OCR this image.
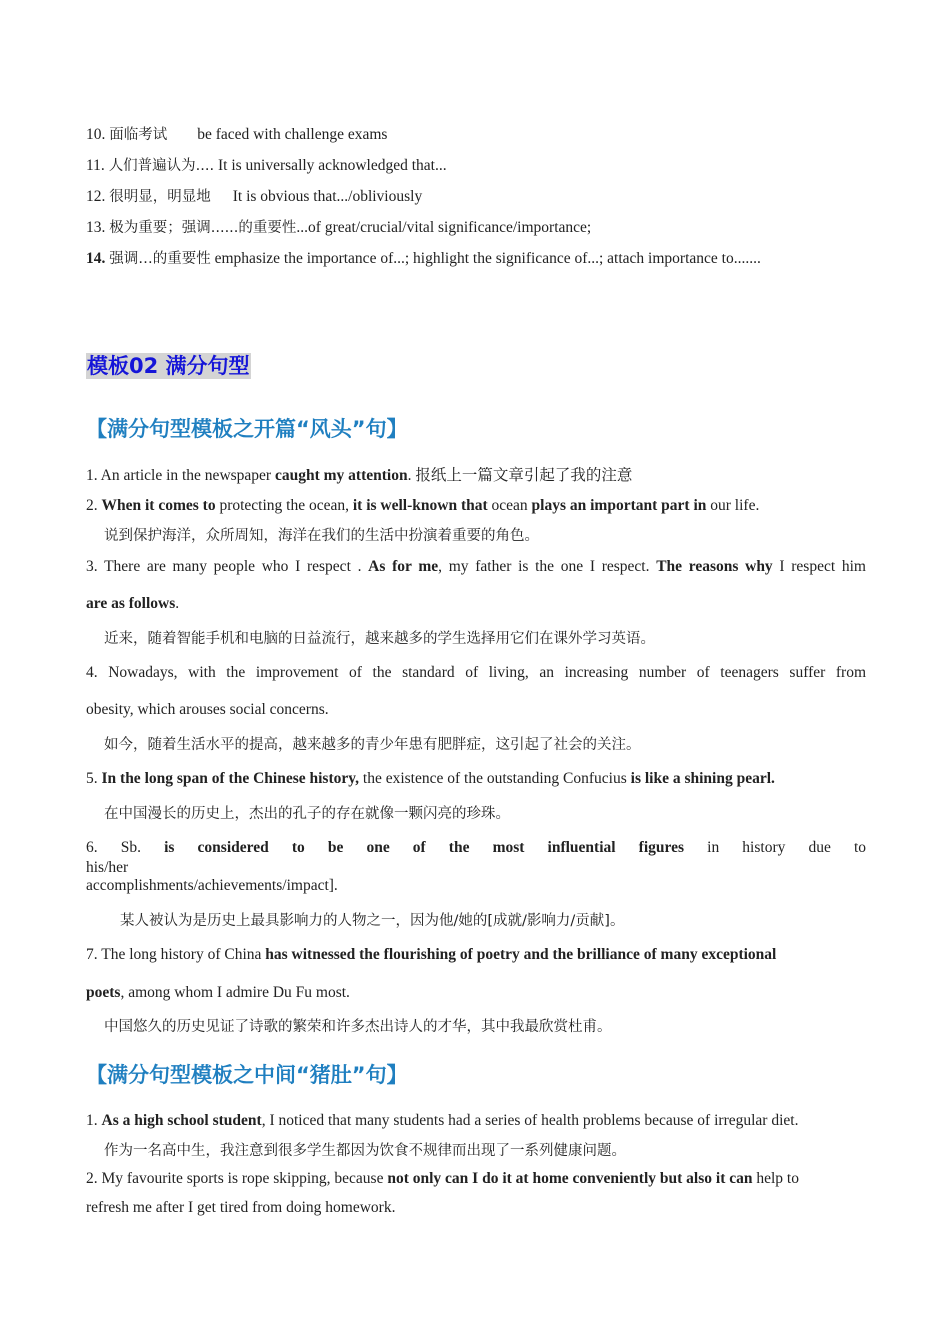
10. 面临考试 be faced with challenge exams
11. 人们普遍认为.... It is universally acknowledged that...
12. 很明显，明显地 It is obvious that.../obliviously
13. 极为重要；强调......的重要性...of great/crucial/vital significance/importance;
14. 强调…的重要性 emphasize the importance of...; highlight the significance of...; attach importance to.......
模板02 满分句型
【满分句型模板之开篇“风头”句】
1. An article in the newspaper caught my attention. 报纸上一篇文章引起了我的注意
2. When it comes to protecting the ocean, it is well-known that ocean plays an important part in our life.
说到保护海洋，众所周知，海洋在我们的生活中扮演着重要的角色。
3. There are many people who I respect . As for me, my father is the one I respect. The reasons why I respect him
are as follows.
近来，随着智能手机和电脑的日益流行，越来越多的学生选择用它们在课外学习英语。
4. Nowadays, with the improvement of the standard of living, an increasing number of teenagers suffer from
obesity, which arouses social concerns.
如今，随着生活水平的提高，越来越多的青少年患有肥胖症，这引起了社会的关注。
5. In the long span of the Chinese history, the existence of the outstanding Confucius is like a shining pearl.
在中国漫长的历史上，杰出的孔子的存在就像一颗闪亮的珍珠。
6. Sb. is considered to be one of the most influential figures in history due to his/her
accomplishments/achievements/impact].
某人被认为是历史上最具影响力的人物之一，因为他/她的[成就/影响力/贡献]。
7. The long history of China has witnessed the flourishing of poetry and the brilliance of many exceptional
poets, among whom I admire Du Fu most.
中国悠久的历史见证了诗歌的繁荣和许多杰出诗人的才华，其中我最欣赏杜甫。
【满分句型模板之中间“猪肚”句】
1. As a high school student, I noticed that many students had a series of health problems because of irregular diet.
作为一名高中生，我注意到很多学生都因为饮食不规律而出现了一系列健康问题。
2. My favourite sports is rope skipping, because not only can I do it at home conveniently but also it can help to
refresh me after I get tired from doing homework.
